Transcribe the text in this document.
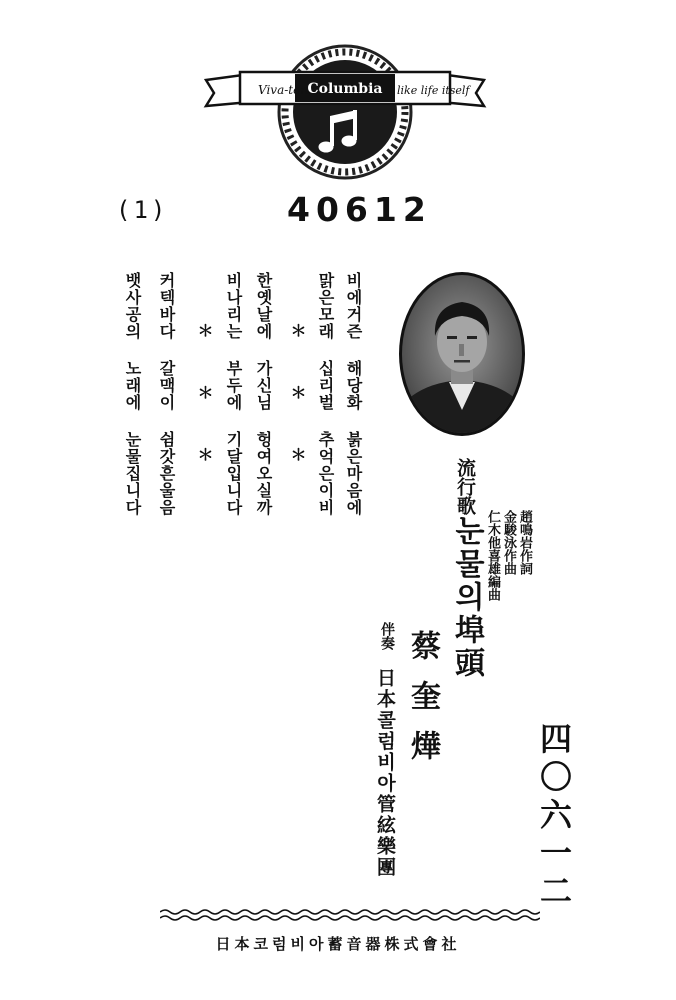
Viva-tonal
Columbia like life itself
(1)	40612
비에거즌 해당화 붉은마음에
맑은모래 십리벌 추억은이비
＊＊＊
한옛날에 가신님 헝여오실까
비나리는 부두에 기달입니다
＊＊＊
커텍바다 갈맥이 쉼갓흔울음
뱃사공의 노래에 눈물집니다	流行歌
눈물의埠頭
蔡奎燁
趙鳴岩作詞
金駿泳作曲
仁木他喜雄編曲
伴奏
日本콜럼비아管絃樂團	四〇六一二
日本코럼비아蓄音器株式會社
